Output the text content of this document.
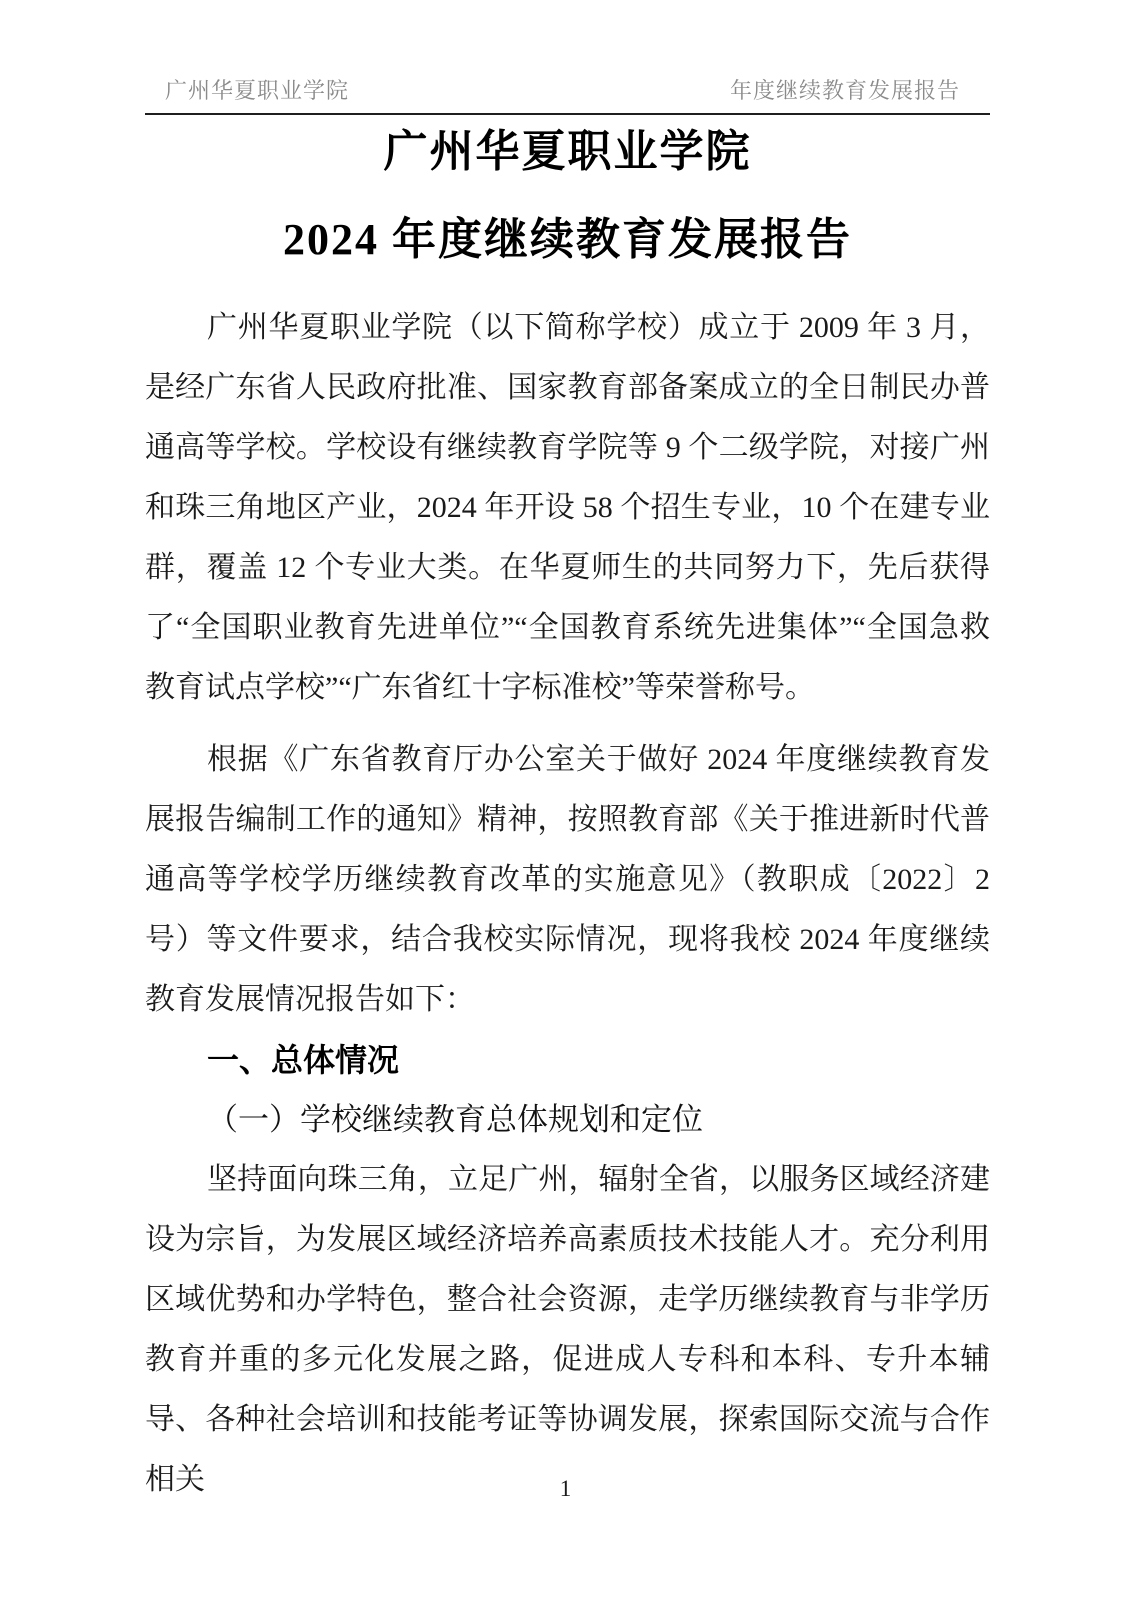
广州华夏职业学院	年度继续教育发展报告
广州华夏职业学院
2024 年度继续教育发展报告

广州华夏职业学院（以下简称学校）成立于 2009 年 3 月，是经广东省人民政府批准、国家教育部备案成立的全日制民办普通高等学校。学校设有继续教育学院等 9 个二级学院，对接广州和珠三角地区产业，2024 年开设 58 个招生专业，10 个在建专业群，覆盖 12 个专业大类。在华夏师生的共同努力下，先后获得了“全国职业教育先进单位”“全国教育系统先进集体”“全国急救教育试点学校”“广东省红十字标准校”等荣誉称号。

根据《广东省教育厅办公室关于做好 2024 年度继续教育发展报告编制工作的通知》精神，按照教育部《关于推进新时代普通高等学校学历继续教育改革的实施意见》（教职成〔2022〕2 号）等文件要求，结合我校实际情况，现将我校 2024 年度继续教育发展情况报告如下：

一、总体情况
（一）学校继续教育总体规划和定位

坚持面向珠三角，立足广州，辐射全省，以服务区域经济建设为宗旨，为发展区域经济培养高素质技术技能人才。充分利用区域优势和办学特色，整合社会资源，走学历继续教育与非学历教育并重的多元化发展之路，促进成人专科和本科、专升本辅导、各种社会培训和技能考证等协调发展，探索国际交流与合作相关	1
